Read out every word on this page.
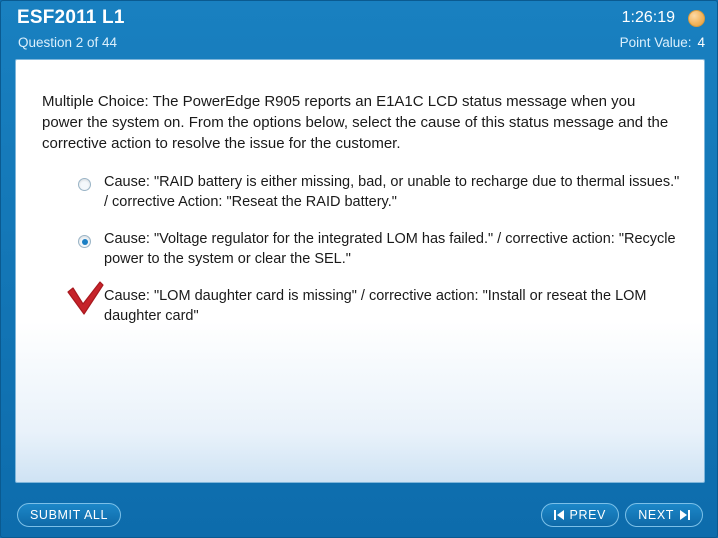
ESF2011 L1
Question 2 of 44
1:26:19
Point Value: 4
Multiple Choice: The PowerEdge R905 reports an E1A1C LCD status message when you power the system on. From the options below, select the cause of this status message and the corrective action to resolve the issue for the customer.
Cause: "RAID battery is either missing, bad, or unable to recharge due to thermal issues." / corrective Action: "Reseat the RAID battery."
Cause: "Voltage regulator for the integrated LOM has failed." / corrective action: "Recycle power to the system or clear the SEL."
Cause: "LOM daughter card is missing" / corrective action: "Install or reseat the LOM daughter card"
SUBMIT ALL	PREV	NEXT
